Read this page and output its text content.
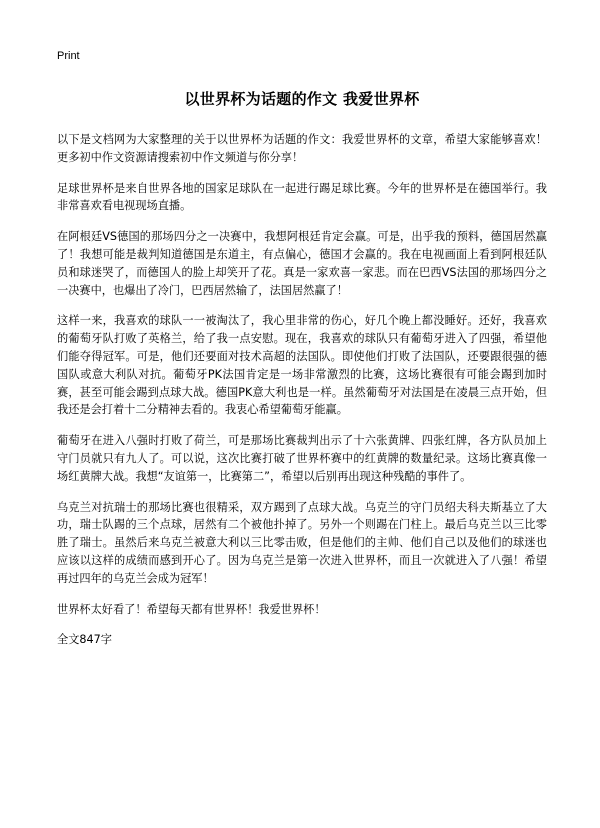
Print
以世界杯为话题的作文 我爱世界杯

以下是文档网为大家整理的关于以世界杯为话题的作文：我爱世界杯的文章，希望大家能够喜欢！更多初中作文资源请搜索初中作文频道与你分享！

足球世界杯是来自世界各地的国家足球队在一起进行踢足球比赛。今年的世界杯是在德国举行。我非常喜欢看电视现场直播。

在阿根廷VS德国的那场四分之一决赛中，我想阿根廷肯定会赢。可是，出乎我的预料，德国居然赢了！我想可能是裁判知道德国是东道主，有点偏心，德国才会赢的。我在电视画面上看到阿根廷队员和球迷哭了，而德国人的脸上却笑开了花。真是一家欢喜一家悲。而在巴西VS法国的那场四分之一决赛中，也爆出了冷门，巴西居然输了，法国居然赢了！

这样一来，我喜欢的球队一一被淘汰了，我心里非常的伤心，好几个晚上都没睡好。还好，我喜欢的葡萄牙队打败了英格兰，给了我一点安慰。现在，我喜欢的球队只有葡萄牙进入了四强，希望他们能夺得冠军。可是，他们还要面对技术高超的法国队。即使他们打败了法国队，还要跟很强的德国队或意大利队对抗。葡萄牙PK法国肯定是一场非常激烈的比赛，这场比赛很有可能会踢到加时赛，甚至可能会踢到点球大战。德国PK意大利也是一样。虽然葡萄牙对法国是在凌晨三点开始，但我还是会打着十二分精神去看的。我衷心希望葡萄牙能赢。

葡萄牙在进入八强时打败了荷兰，可是那场比赛裁判出示了十六张黄牌、四张红牌，各方队员加上守门员就只有九人了。可以说，这次比赛打破了世界杯赛中的红黄牌的数量纪录。这场比赛真像一场红黄牌大战。我想“友谊第一，比赛第二”，希望以后别再出现这种残酷的事件了。

乌克兰对抗瑞士的那场比赛也很精采，双方踢到了点球大战。乌克兰的守门员绍夫科夫斯基立了大功，瑞士队踢的三个点球，居然有二个被他扑掉了。另外一个则踢在门柱上。最后乌克兰以三比零胜了瑞士。虽然后来乌克兰被意大利以三比零击败，但是他们的主帅、他们自己以及他们的球迷也应该以这样的成绩而感到开心了。因为乌克兰是第一次进入世界杯，而且一次就进入了八强！希望再过四年的乌克兰会成为冠军！

世界杯太好看了！希望每天都有世界杯！我爱世界杯！

全文847字
